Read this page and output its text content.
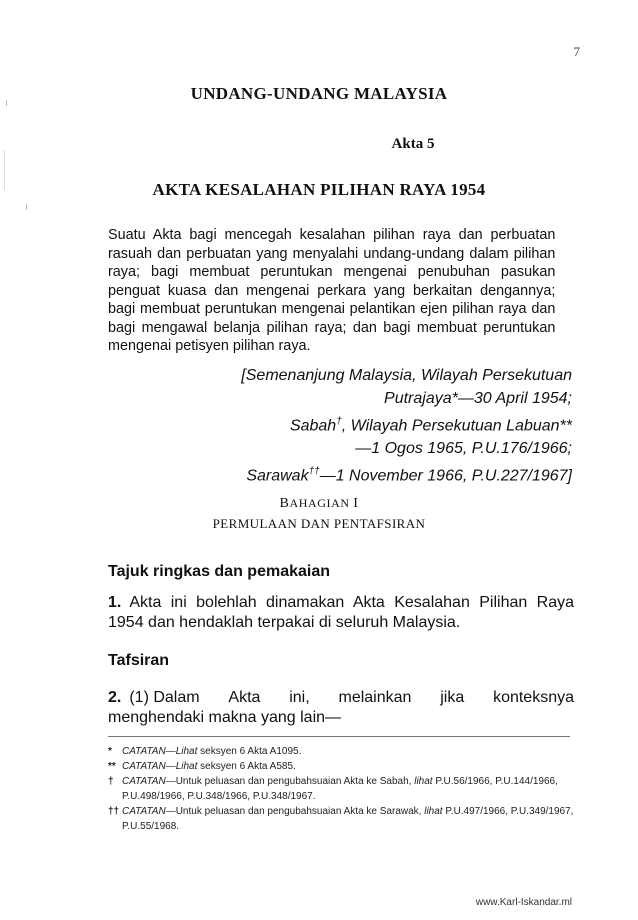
7
UNDANG-UNDANG MALAYSIA
Akta 5
AKTA KESALAHAN PILIHAN RAYA 1954
Suatu Akta bagi mencegah kesalahan pilihan raya dan perbuatan rasuah dan perbuatan yang menyalahi undang-undang dalam pilihan raya; bagi membuat peruntukan mengenai penubuhan pasukan penguat kuasa dan mengenai perkara yang berkaitan dengannya; bagi membuat peruntukan mengenai pelantikan ejen pilihan raya dan bagi mengawal belanja pilihan raya; dan bagi membuat peruntukan mengenai petisyen pilihan raya.
[Semenanjung Malaysia, Wilayah Persekutuan
Putrajaya*—30 April 1954;
Sabah†, Wilayah Persekutuan Labuan**
—1 Ogos 1965, P.U.176/1966;
Sarawak††—1 November 1966, P.U.227/1967]
BAHAGIAN I
PERMULAAN DAN PENTAFSIRAN
Tajuk ringkas dan pemakaian
1. Akta ini bolehlah dinamakan Akta Kesalahan Pilihan Raya 1954 dan hendaklah terpakai di seluruh Malaysia.
Tafsiran
2. (1) Dalam Akta ini, melainkan jika konteksnya
menghendaki makna yang lain—
* CATATAN—Lihat seksyen 6 Akta A1095.
** CATATAN—Lihat seksyen 6 Akta A585.
† CATATAN—Untuk peluasan dan pengubahsuaian Akta ke Sabah, lihat P.U.56/1966, P.U.144/1966, P.U.498/1966, P.U.348/1966, P.U.348/1967.
†† CATATAN—Untuk peluasan dan pengubahsuaian Akta ke Sarawak, lihat P.U.497/1966, P.U.349/1967, P.U.55/1968.
www.Karl-Iskandar.ml
